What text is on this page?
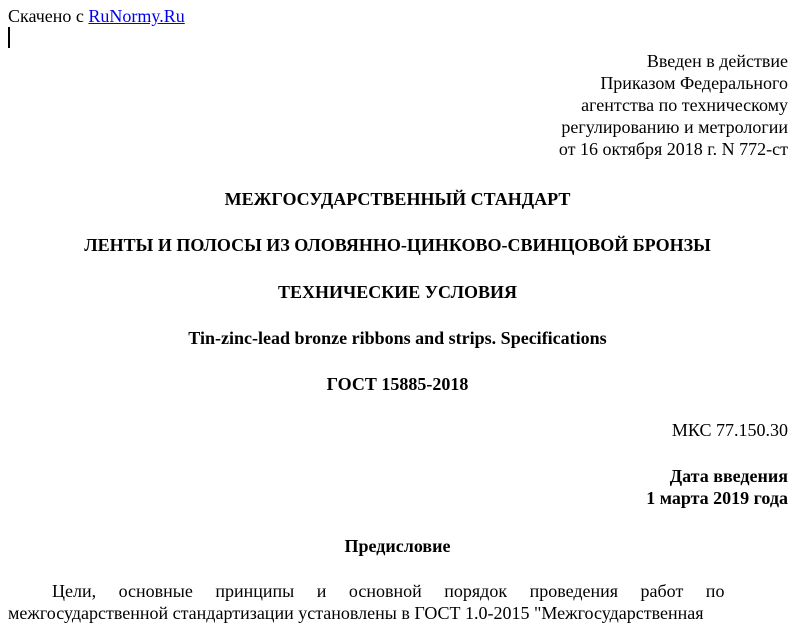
Скачено с RuNormy.Ru
Введен в действие
Приказом Федерального
агентства по техническому
регулированию и метрологии
от 16 октября 2018 г. N 772-ст
МЕЖГОСУДАРСТВЕННЫЙ СТАНДАРТ
ЛЕНТЫ И ПОЛОСЫ ИЗ ОЛОВЯННО-ЦИНКОВО-СВИНЦОВОЙ БРОНЗЫ
ТЕХНИЧЕСКИЕ УСЛОВИЯ
Tin-zinc-lead bronze ribbons and strips. Specifications
ГОСТ 15885-2018
МКС 77.150.30
Дата введения
1 марта 2019 года
Предисловие
Цели, основные принципы и основной порядок проведения работ по
межгосударственной стандартизации установлены в ГОСТ 1.0-2015 "Межгосударственная
